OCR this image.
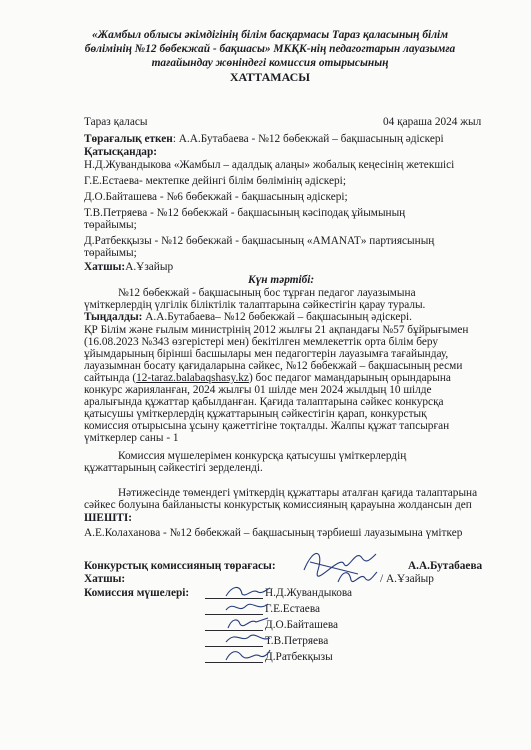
«Жамбыл облысы әкімдігінің білім басқармасы Тараз қаласының білім
бөлімінің №12 бөбекжай - бақшасы» МКҚК-нің педагогтарын лауазымға
тағайындау жөніндегі комиссия отырысының
ХАТТАМАСЫ
Тараз қаласы	04 қараша 2024 жыл
Төрағалық еткен: А.А.Бутабаева - №12 бөбекжай – бақшасының әдіскері
Қатысқандар:
Н.Д.Жувандыкова «Жамбыл – адалдық алаңы» жобалық кеңесінің жетекшісі
Г.Е.Естаева- мектепке дейінгі білім бөлімінің әдіскері;
Д.О.Байташева - №6 бөбекжай - бақшасының әдіскері;
Т.В.Петряева - №12 бөбекжай - бақшасының кәсіподақ ұйымының
төрайымы;
Д.Ратбекқызы - №12 бөбекжай - бақшасының «AMANAT» партиясының
төрайымы;
Хатшы:А.Ұзайыр
Күн тәртібі:
№12 бөбекжай - бақшасының бос тұрған педагог лауазымына
үміткерлердің үлгілік біліктілік талаптарына сәйкестігін қарау туралы.
Тыңдалды: А.А.Бутабаева– №12 бөбекжай – бақшасының әдіскері.
ҚР Білім және ғылым министрінің 2012 жылғы 21 ақпандағы №57 бұйрығымен
(16.08.2023 №343 өзгерістері мен) бекітілген мемлекеттік орта білім беру
ұйымдарының бірінші басшылары мен педагогтерін лауазымға тағайындау,
лауазымнан босату қағидаларына сәйкес, №12 бөбекжай – бақшасының ресми
сайтында (12-taraz.balabaqshasy.kz) бос педагог мамандарының орындарына
конкурс жарияланған, 2024 жылғы 01 шілде мен 2024 жылдың 10 шілде
аралығында құжаттар қабылданған. Қағида талаптарына сәйкес конкурсқа
қатысушы үміткерлердің құжаттарының сәйкестігін қарап, конкурстық
комиссия отырысына ұсыну қажеттігіне тоқталды. Жалпы құжат тапсырған
үміткерлер саны - 1
Комиссия мүшелерімен конкурсқа қатысушы үміткерлердің
құжаттарының сәйкестігі зерделенді.
Нәтижесінде төмендегі үміткердің құжаттары аталған қағида талаптарына
сәйкес болуына байланысты конкурстық комиссияның қарауына жолдансын деп
ШЕШТІ:
А.Е.Колаханова - №12 бөбекжай – бақшасының тәрбиеші лауазымына үміткер
Конкурстық комиссияның төрағасы:	А.А.Бутабаева
Хатшы:	/ А.Ұзайыр
Комиссия мүшелері:	Н.Д.Жувандыкова
Г.Е.Естаева
Д.О.Байташева
Т.В.Петряева
Д.Ратбекқызы
